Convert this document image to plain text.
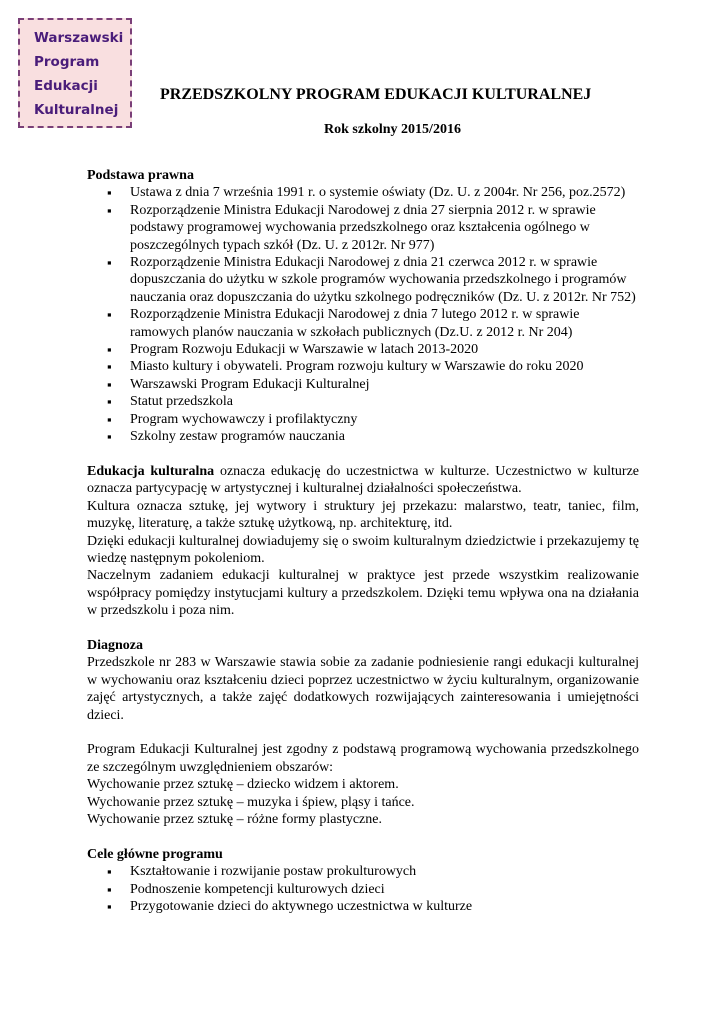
Warszawski
Program
Edukacji
Kulturalnej
PRZEDSZKOLNY PROGRAM EDUKACJI KULTURALNEJ
Rok szkolny 2015/2016
Podstawa prawna
▪ Ustawa z dnia 7 września 1991 r. o systemie oświaty (Dz. U. z 2004r. Nr 256, poz.2572)
▪ Rozporządzenie Ministra Edukacji Narodowej z dnia 27 sierpnia 2012 r. w sprawie podstawy programowej wychowania przedszkolnego oraz kształcenia ogólnego w poszczególnych typach szkół (Dz. U. z 2012r. Nr 977)
▪ Rozporządzenie Ministra Edukacji Narodowej z dnia 21 czerwca 2012 r. w sprawie dopuszczania do użytku w szkole programów wychowania przedszkolnego i programów nauczania oraz dopuszczania do użytku szkolnego podręczników (Dz. U. z 2012r. Nr 752)
▪ Rozporządzenie Ministra Edukacji Narodowej z dnia 7 lutego 2012 r. w sprawie ramowych planów nauczania w szkołach publicznych (Dz.U. z 2012 r. Nr 204)
▪ Program Rozwoju Edukacji w Warszawie w latach 2013-2020
▪ Miasto kultury i obywateli. Program rozwoju kultury w Warszawie do roku 2020
▪ Warszawski Program Edukacji Kulturalnej
▪ Statut przedszkola
▪ Program wychowawczy i profilaktyczny
▪ Szkolny zestaw programów nauczania

Edukacja kulturalna oznacza edukację do uczestnictwa w kulturze. Uczestnictwo w kulturze oznacza partycypację w artystycznej i kulturalnej działalności społeczeństwa.

Kultura oznacza sztukę, jej wytwory i struktury jej przekazu: malarstwo, teatr, taniec, film, muzykę, literaturę, a także sztukę użytkową, np. architekturę, itd.

Dzięki edukacji kulturalnej dowiadujemy się o swoim kulturalnym dziedzictwie i przekazujemy tę wiedzę następnym pokoleniom.

Naczelnym zadaniem edukacji kulturalnej w praktyce jest przede wszystkim realizowanie współpracy pomiędzy instytucjami kultury a przedszkolem. Dzięki temu wpływa ona na działania w przedszkolu i poza nim.

Diagnoza

Przedszkole nr 283 w Warszawie stawia sobie za zadanie podniesienie rangi edukacji kulturalnej w wychowaniu oraz kształceniu dzieci poprzez uczestnictwo w życiu kulturalnym, organizowanie zajęć artystycznych, a także zajęć dodatkowych rozwijających zainteresowania i umiejętności dzieci.

Program Edukacji Kulturalnej jest zgodny z podstawą programową wychowania przedszkolnego ze szczególnym uwzględnieniem obszarów:

Wychowanie przez sztukę – dziecko widzem i aktorem.

Wychowanie przez sztukę – muzyka i śpiew, pląsy i tańce.

Wychowanie przez sztukę – różne formy plastyczne.

Cele główne programu
▪ Kształtowanie i rozwijanie postaw prokulturowych
▪ Podnoszenie kompetencji kulturowych dzieci
▪ Przygotowanie dzieci do aktywnego uczestnictwa w kulturze
